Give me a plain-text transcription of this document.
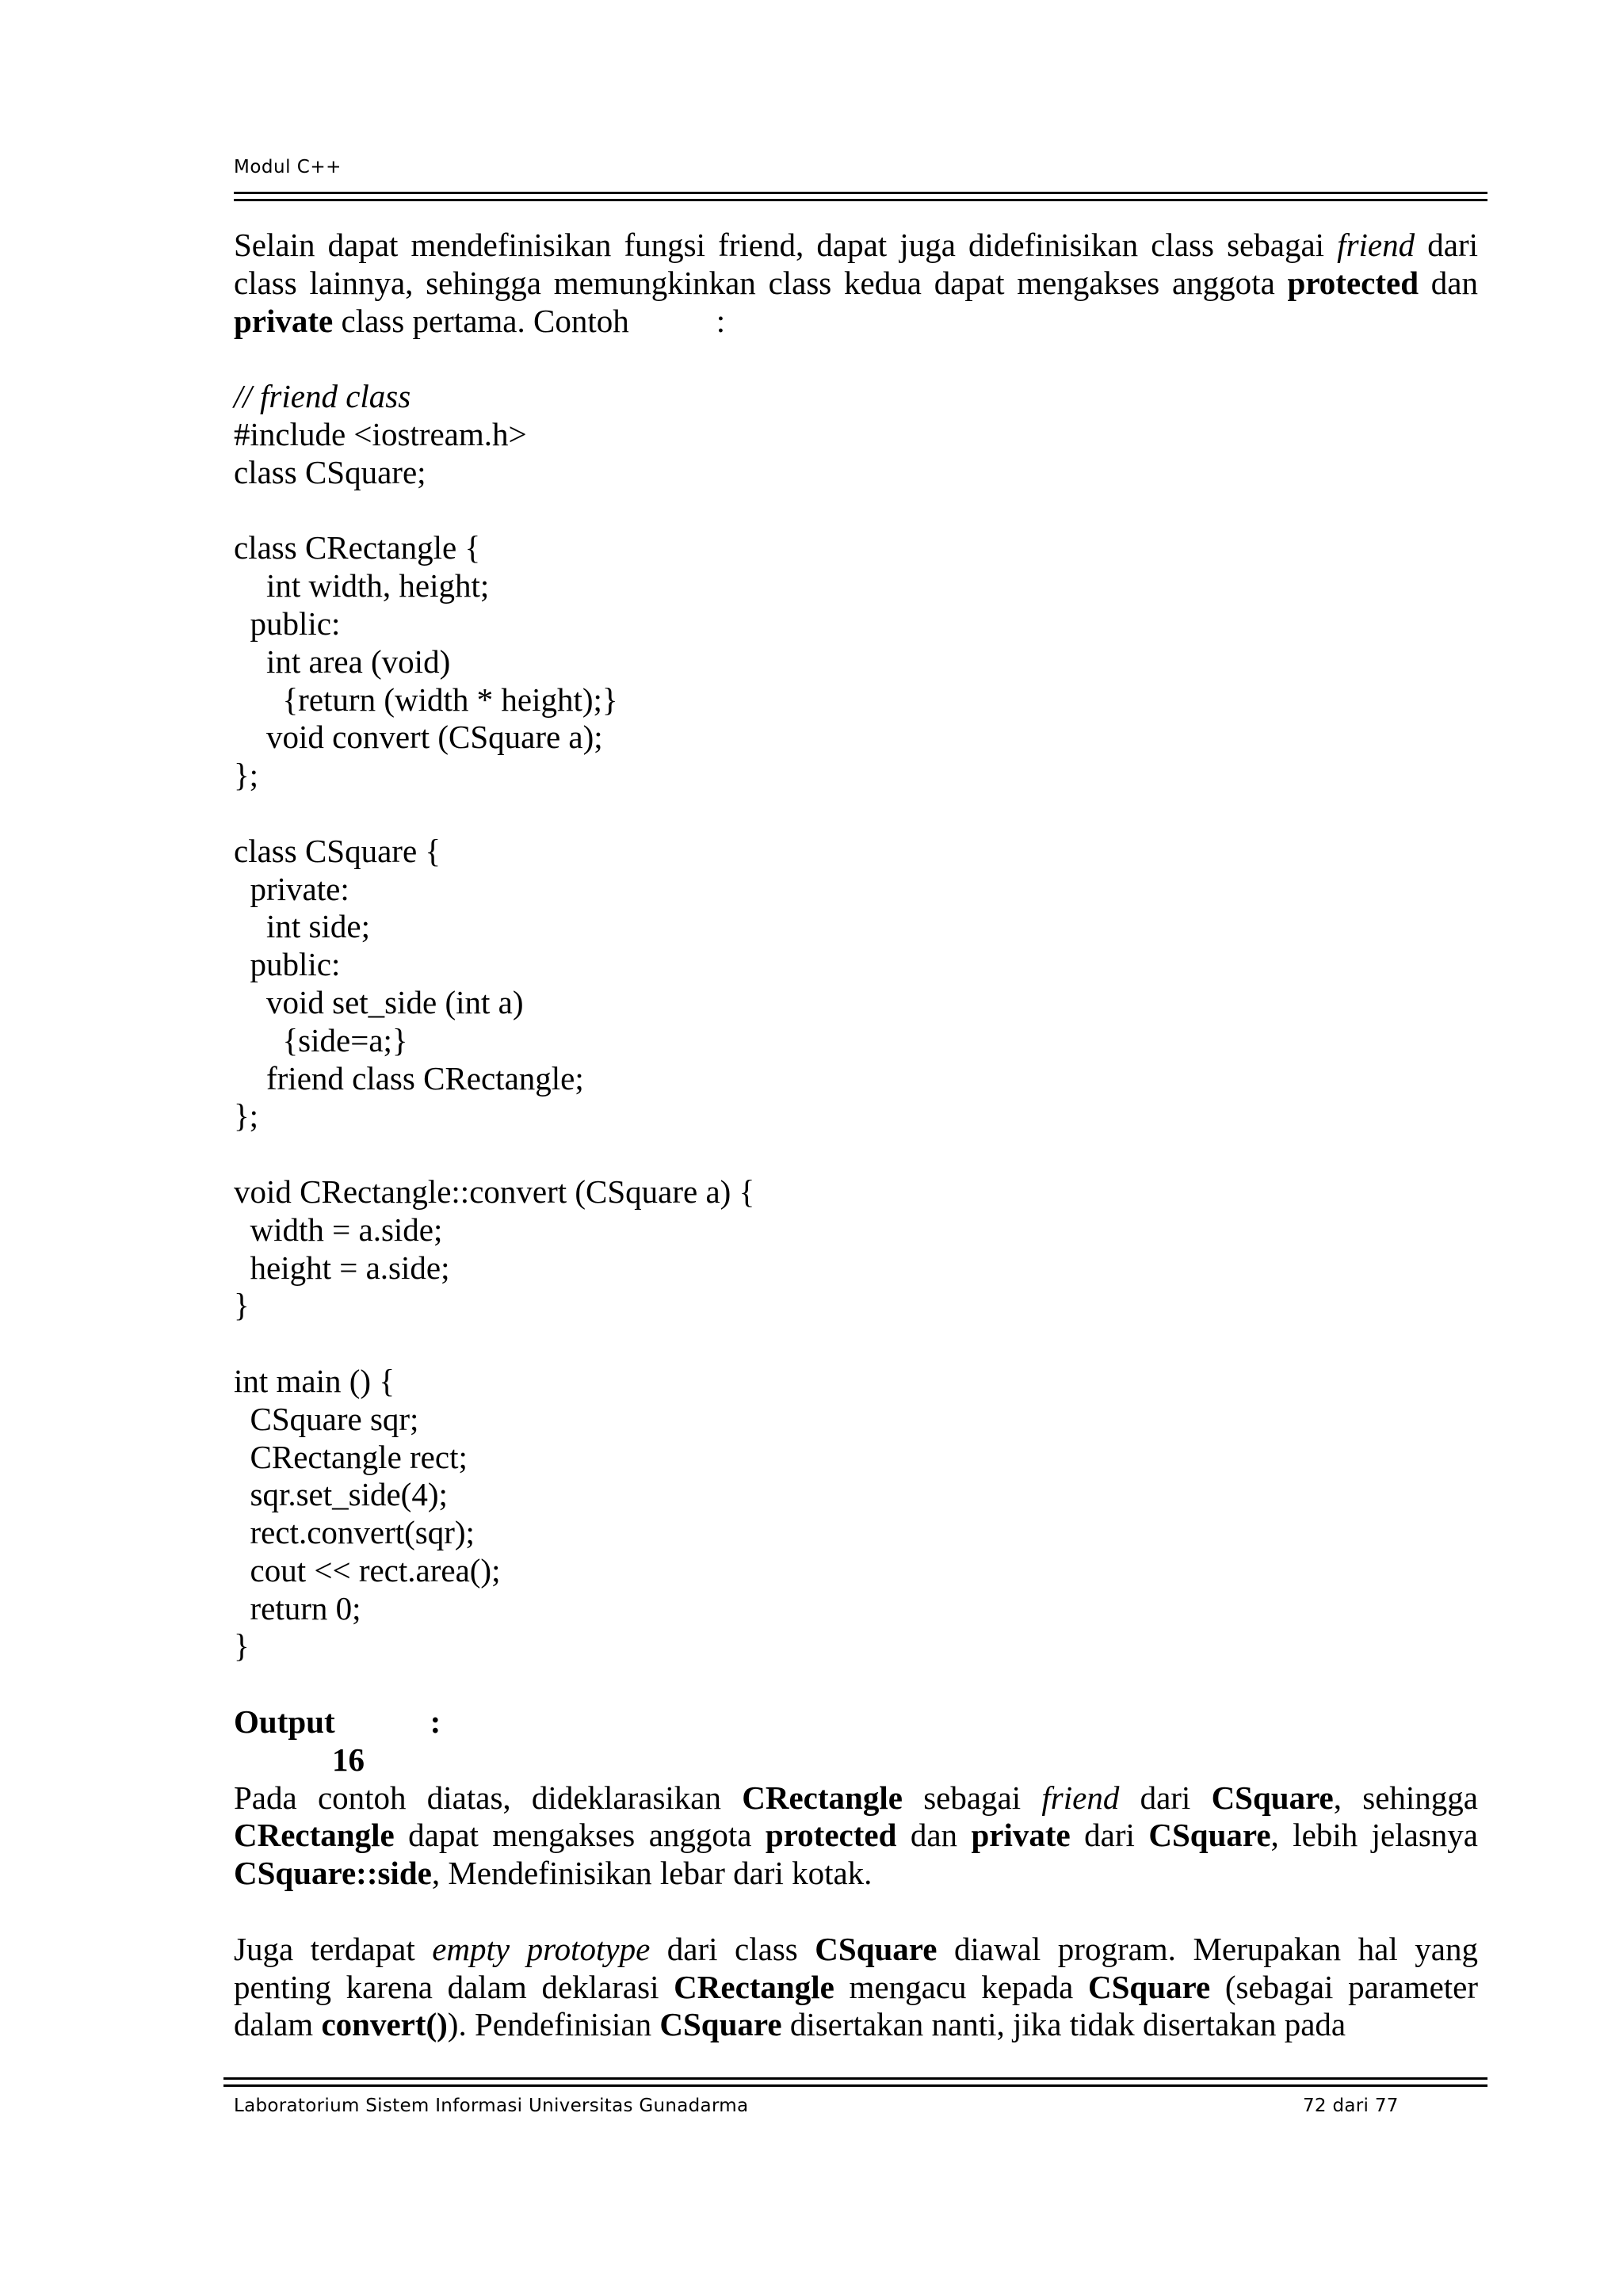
Modul C++

Selain dapat mendefinisikan fungsi friend, dapat juga didefinisikan class sebagai friend dari class lainnya, sehingga memungkinkan class kedua dapat mengakses anggota protected dan private class pertama. Contoh	:

// friend class

#include <iostream.h>

class CSquare;

class CRectangle {

int width, height;

public:

int area (void)

{return (width * height);}

void convert (CSquare a);

};

class CSquare {

private:

int side;

public:

void set_side (int a)

{side=a;}

friend class CRectangle;

};

void CRectangle::convert (CSquare a) {

width = a.side;

height = a.side;

}

int main () {

CSquare sqr;

CRectangle rect;

sqr.set_side(4);

rect.convert(sqr);

cout << rect.area();

return 0;

}

Output	:

16

Pada contoh diatas, dideklarasikan CRectangle sebagai friend dari CSquare, sehingga CRectangle dapat mengakses anggota protected dan private dari CSquare, lebih jelasnya CSquare::side, Mendefinisikan lebar dari kotak.

Juga terdapat empty prototype dari class CSquare diawal program. Merupakan hal yang penting karena dalam deklarasi CRectangle mengacu kepada CSquare (sebagai parameter dalam convert()). Pendefinisian CSquare disertakan nanti, jika tidak disertakan pada

Laboratorium Sistem Informasi Universitas Gunadarma	72 dari 77
